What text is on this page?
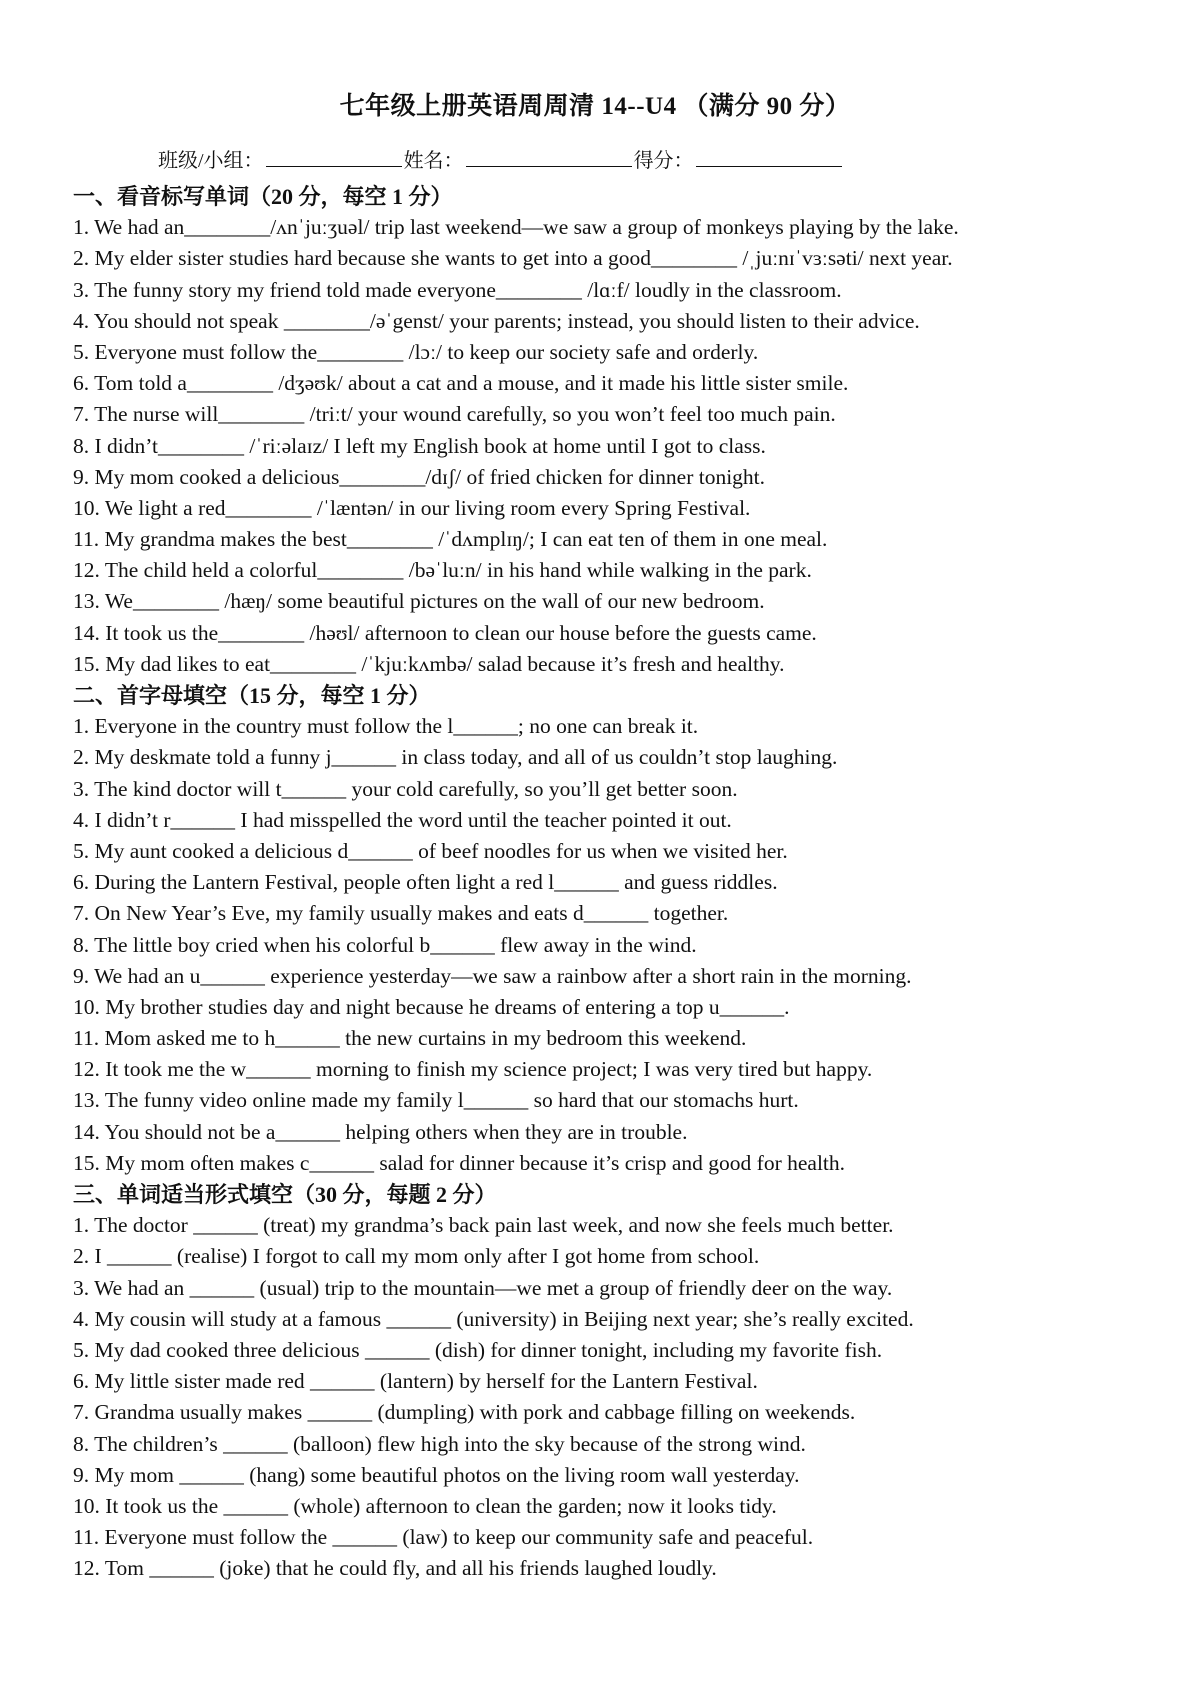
七年级上册英语周周清 14--U4 （满分 90 分）
班级/小组：	姓名：	得分：
一、看音标写单词（20 分，每空 1 分）
1. We had an________/ʌnˈjuːʒuəl/ trip last weekend—we saw a group of monkeys playing by the lake.
2. My elder sister studies hard because she wants to get into a good________ /ˌjuːnɪˈvɜːsəti/ next year.
3. The funny story my friend told made everyone________ /lɑːf/ loudly in the classroom.
4. You should not speak ________/əˈgenst/ your parents; instead, you should listen to their advice.
5. Everyone must follow the________ /lɔː/ to keep our society safe and orderly.
6. Tom told a________ /dʒəʊk/ about a cat and a mouse, and it made his little sister smile.
7. The nurse will________ /triːt/ your wound carefully, so you won’t feel too much pain.
8. I didn’t________ /ˈriːəlaɪz/ I left my English book at home until I got to class.
9. My mom cooked a delicious________/dɪʃ/ of fried chicken for dinner tonight.
10. We light a red________ /ˈlæntən/ in our living room every Spring Festival.
11. My grandma makes the best________ /ˈdʌmplɪŋ/; I can eat ten of them in one meal.
12. The child held a colorful________ /bəˈluːn/ in his hand while walking in the park.
13. We________ /hæŋ/ some beautiful pictures on the wall of our new bedroom.
14. It took us the________ /həʊl/ afternoon to clean our house before the guests came.
15. My dad likes to eat________ /ˈkjuːkʌmbə/ salad because it’s fresh and healthy.
二、首字母填空（15 分，每空 1 分）
1. Everyone in the country must follow the l______; no one can break it.
2. My deskmate told a funny j______ in class today, and all of us couldn’t stop laughing.
3. The kind doctor will t______ your cold carefully, so you’ll get better soon.
4. I didn’t r______ I had misspelled the word until the teacher pointed it out.
5. My aunt cooked a delicious d______ of beef noodles for us when we visited her.
6. During the Lantern Festival, people often light a red l______ and guess riddles.
7. On New Year’s Eve, my family usually makes and eats d______ together.
8. The little boy cried when his colorful b______ flew away in the wind.
9. We had an u______ experience yesterday—we saw a rainbow after a short rain in the morning.
10. My brother studies day and night because he dreams of entering a top u______.
11. Mom asked me to h______ the new curtains in my bedroom this weekend.
12. It took me the w______ morning to finish my science project; I was very tired but happy.
13. The funny video online made my family l______ so hard that our stomachs hurt.
14. You should not be a______ helping others when they are in trouble.
15. My mom often makes c______ salad for dinner because it’s crisp and good for health.
三、单词适当形式填空（30 分，每题 2 分）
1. The doctor ______ (treat) my grandma’s back pain last week, and now she feels much better.
2. I ______ (realise) I forgot to call my mom only after I got home from school.
3. We had an ______ (usual) trip to the mountain—we met a group of friendly deer on the way.
4. My cousin will study at a famous ______ (university) in Beijing next year; she’s really excited.
5. My dad cooked three delicious ______ (dish) for dinner tonight, including my favorite fish.
6. My little sister made red ______ (lantern) by herself for the Lantern Festival.
7. Grandma usually makes ______ (dumpling) with pork and cabbage filling on weekends.
8. The children’s ______ (balloon) flew high into the sky because of the strong wind.
9. My mom ______ (hang) some beautiful photos on the living room wall yesterday.
10. It took us the ______ (whole) afternoon to clean the garden; now it looks tidy.
11. Everyone must follow the ______ (law) to keep our community safe and peaceful.
12. Tom ______ (joke) that he could fly, and all his friends laughed loudly.
